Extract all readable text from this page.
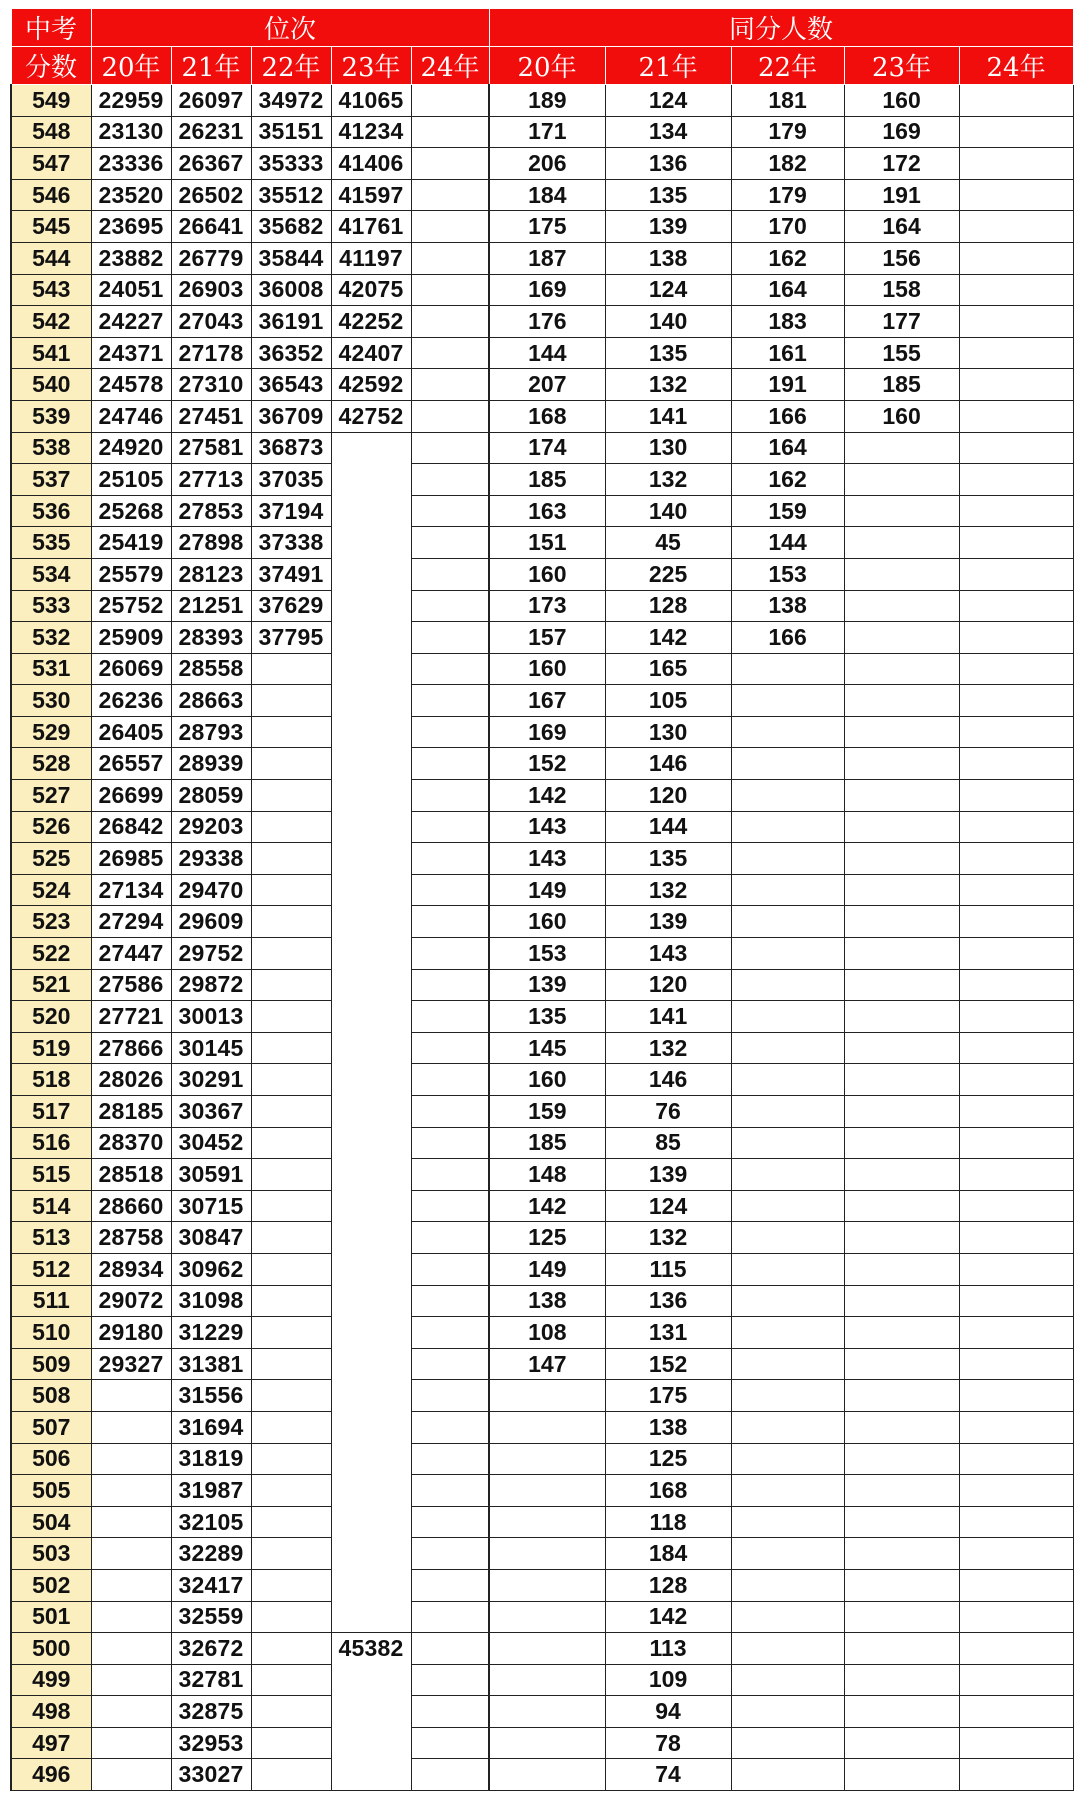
中考	位次					同分人数				
分数	20年	21年	22年	23年	24年	20年	21年	22年	23年	24年
549	22959	26097	34972	41065		189	124	181	160	
548	23130	26231	35151	41234		171	134	179	169	
547	23336	26367	35333	41406		206	136	182	172	
546	23520	26502	35512	41597		184	135	179	191	
545	23695	26641	35682	41761		175	139	170	164	
544	23882	26779	35844	41197		187	138	162	156	
543	24051	26903	36008	42075		169	124	164	158	
542	24227	27043	36191	42252		176	140	183	177	
541	24371	27178	36352	42407		144	135	161	155	
540	24578	27310	36543	42592		207	132	191	185	
539	24746	27451	36709	42752		168	141	166	160	
538	24920	27581	36873			174	130	164		
537	25105	27713	37035			185	132	162		
536	25268	27853	37194			163	140	159		
535	25419	27898	37338			151	45	144		
534	25579	28123	37491			160	225	153		
533	25752	21251	37629			173	128	138		
532	25909	28393	37795			157	142	166		
531	26069	28558				160	165			
530	26236	28663				167	105			
529	26405	28793				169	130			
528	26557	28939				152	146			
527	26699	28059				142	120			
526	26842	29203				143	144			
525	26985	29338				143	135			
524	27134	29470				149	132			
523	27294	29609				160	139			
522	27447	29752				153	143			
521	27586	29872				139	120			
520	27721	30013				135	141			
519	27866	30145				145	132			
518	28026	30291				160	146			
517	28185	30367				159	76			
516	28370	30452				185	85			
515	28518	30591				148	139			
514	28660	30715				142	124			
513	28758	30847				125	132			
512	28934	30962				149	115			
511	29072	31098				138	136			
510	29180	31229				108	131			
509	29327	31381				147	152			
508		31556					175			
507		31694					138			
506		31819					125			
505		31987					168			
504		32105					118			
503		32289					184			
502		32417					128			
501		32559					142			
500		32672		45382			113			
499		32781					109			
498		32875					94			
497		32953					78			
496		33027					74			
